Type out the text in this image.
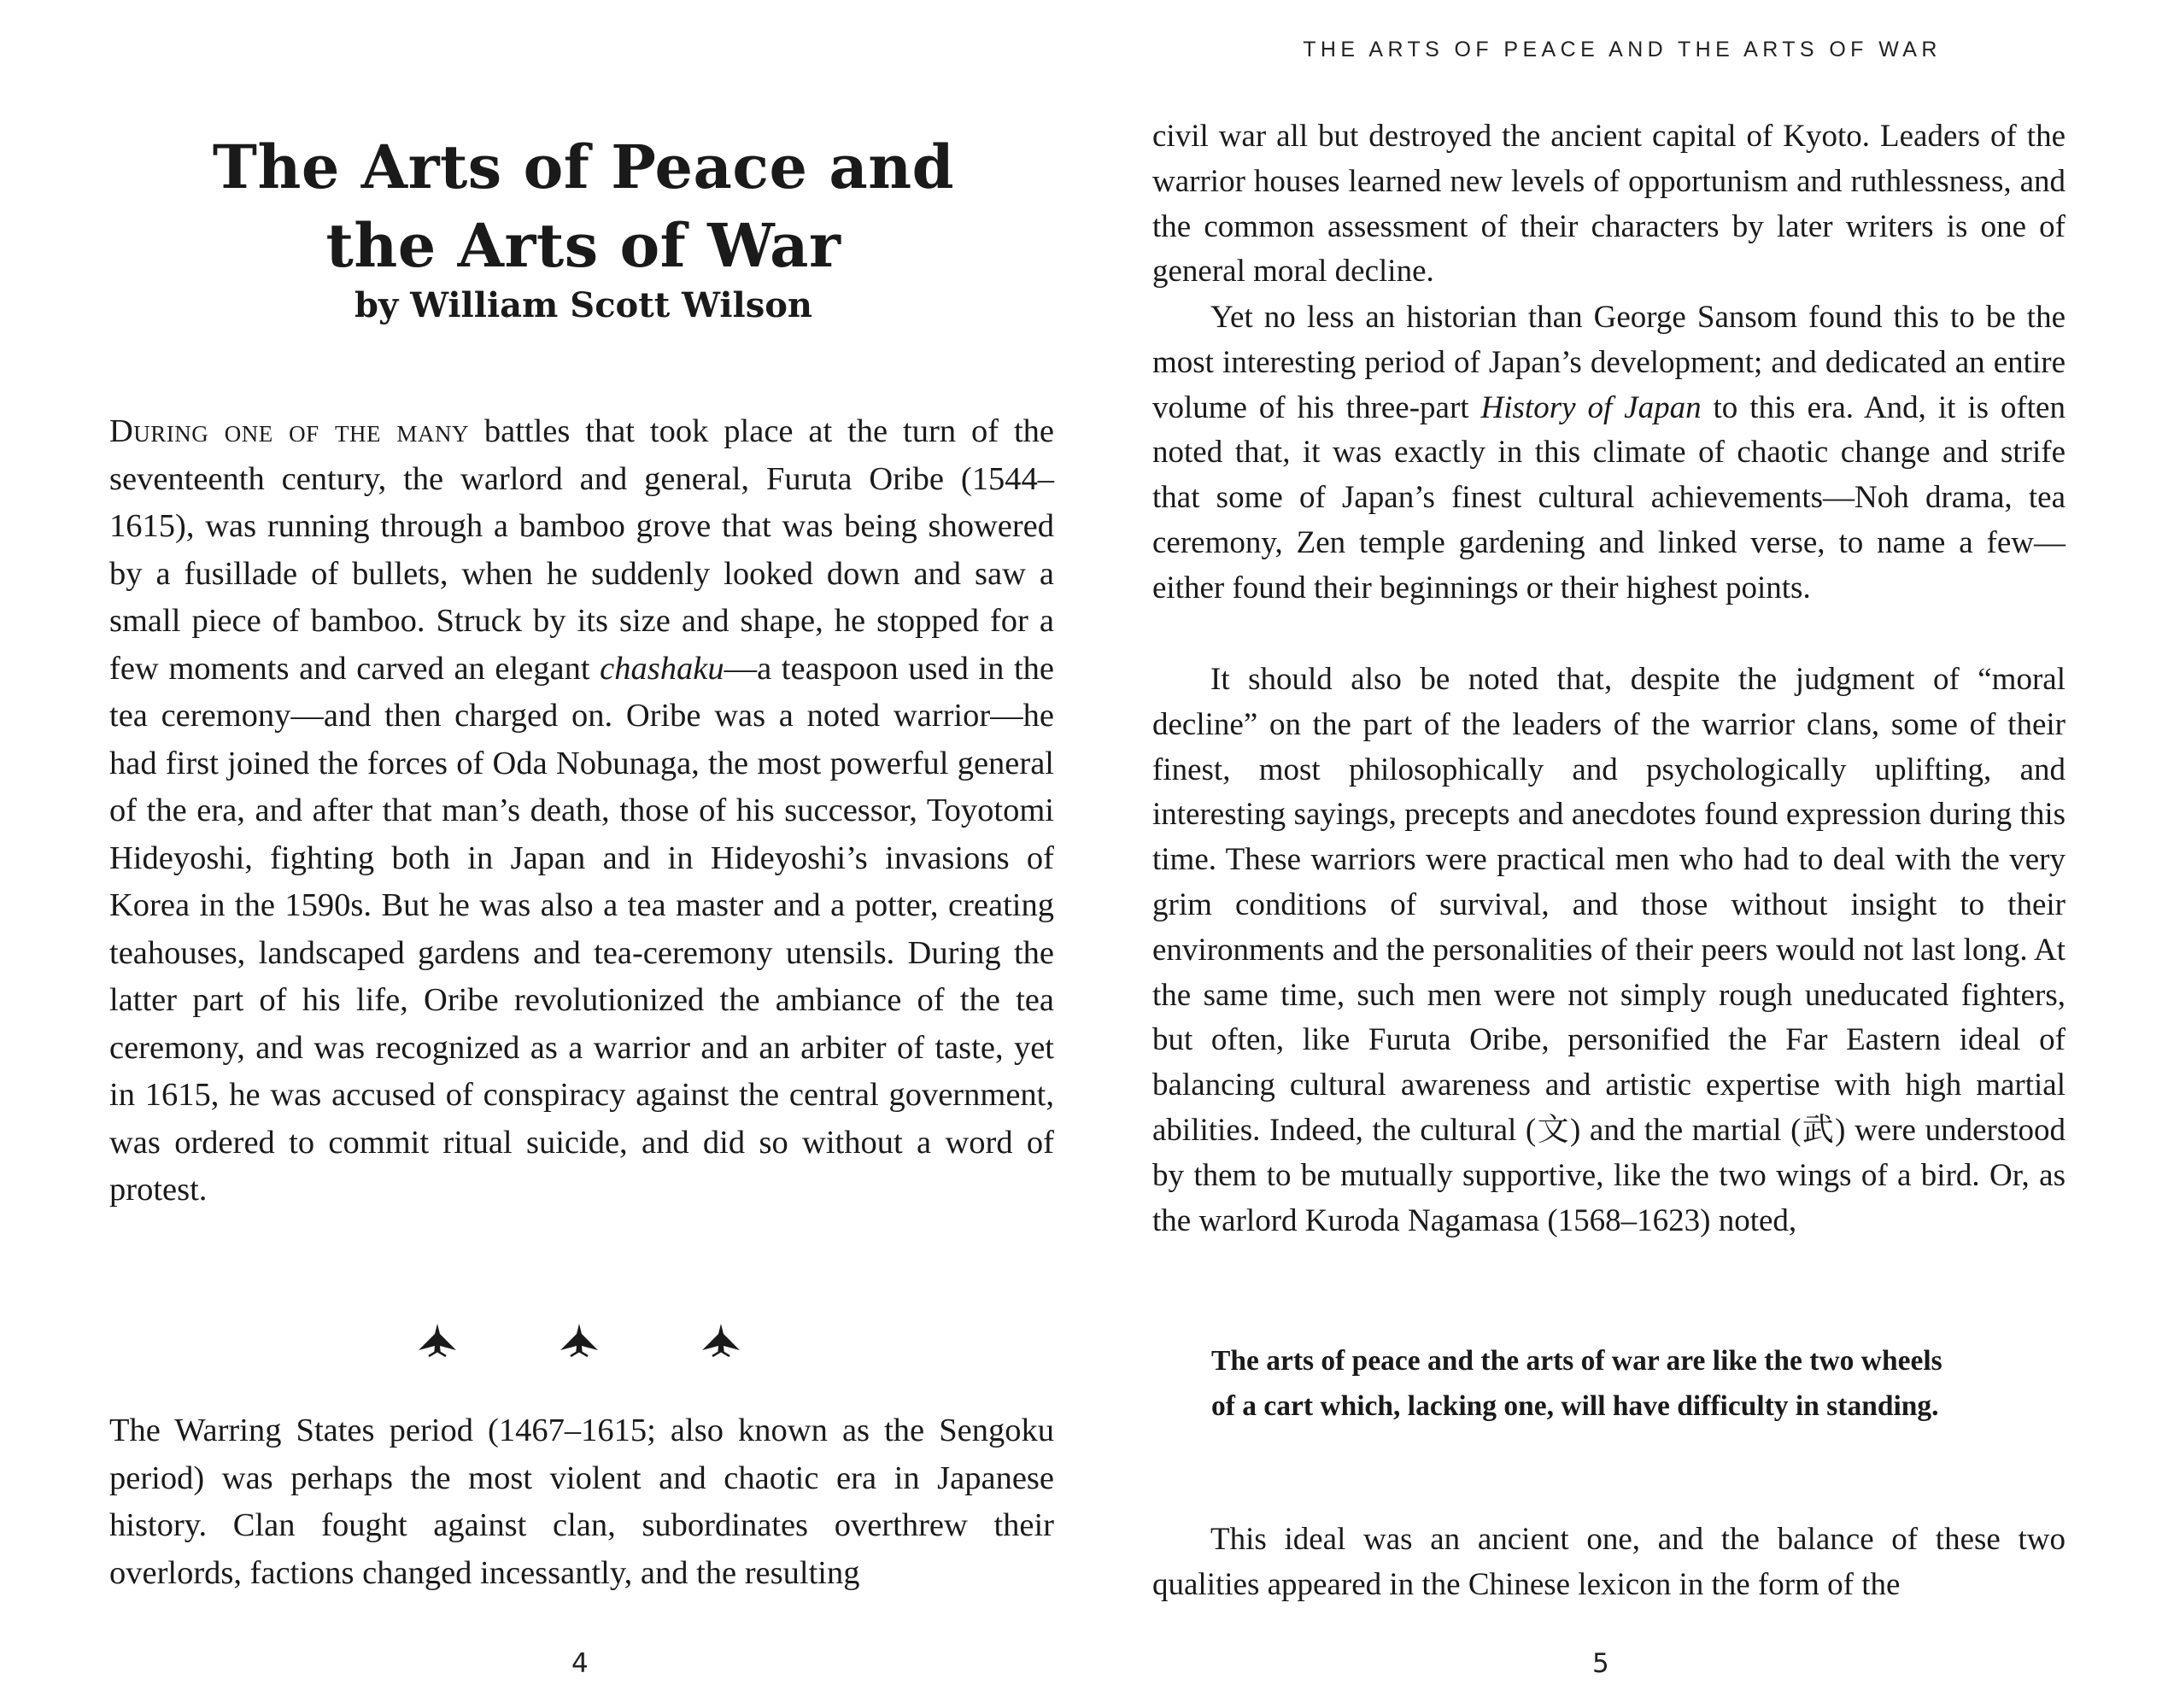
The Arts of Peace and
the Arts of War
by William Scott Wilson

During one of the many battles that took place at the turn of the seventeenth century, the warlord and general, Furuta Oribe (1544–1615), was running through a bamboo grove that was being showered by a fusillade of bullets, when he suddenly looked down and saw a small piece of bamboo. Struck by its size and shape, he stopped for a few moments and carved an elegant chashaku—a teaspoon used in the tea ceremony—and then charged on. Oribe was a noted warrior—he had first joined the forces of Oda Nobunaga, the most powerful general of the era, and after that man’s death, those of his successor, Toyotomi Hideyoshi, fighting both in Japan and in Hideyoshi’s invasions of Korea in the 1590s. But he was also a tea master and a potter, creating teahouses, landscaped gardens and tea-ceremony utensils. During the latter part of his life, Oribe revolutionized the ambiance of the tea ceremony, and was recognized as a warrior and an arbiter of taste, yet in 1615, he was accused of conspiracy against the central government, was ordered to commit ritual suicide, and did so without a word of protest.

The Warring States period (1467–1615; also known as the Sengoku period) was perhaps the most violent and chaotic era in Japanese history. Clan fought against clan, subordinates overthrew their overlords, factions changed incessantly, and the resulting

4
THE ARTS OF PEACE AND THE ARTS OF WAR

civil war all but destroyed the ancient capital of Kyoto. Leaders of the warrior houses learned new levels of opportunism and ruthlessness, and the common assessment of their characters by later writers is one of general moral decline.

Yet no less an historian than George Sansom found this to be the most interesting period of Japan’s development; and dedicated an entire volume of his three-part History of Japan to this era. And, it is often noted that, it was exactly in this climate of chaotic change and strife that some of Japan’s finest cultural achievements—Noh drama, tea ceremony, Zen temple gardening and linked verse, to name a few—either found their beginnings or their highest points.

It should also be noted that, despite the judgment of “moral decline” on the part of the leaders of the warrior clans, some of their finest, most philosophically and psychologically uplifting, and interesting sayings, precepts and anecdotes found expression during this time. These warriors were practical men who had to deal with the very grim conditions of survival, and those without insight to their environments and the personalities of their peers would not last long. At the same time, such men were not simply rough uneducated fighters, but often, like Furuta Oribe, personified the Far Eastern ideal of balancing cultural awareness and artistic expertise with high martial abilities. Indeed, the cultural (文) and the martial (武) were understood by them to be mutually supportive, like the two wings of a bird. Or, as the warlord Kuroda Nagamasa (1568–1623) noted,

The arts of peace and the arts of war are like the two wheels of a cart which, lacking one, will have difficulty in standing.

This ideal was an ancient one, and the balance of these two qualities appeared in the Chinese lexicon in the form of the

5
